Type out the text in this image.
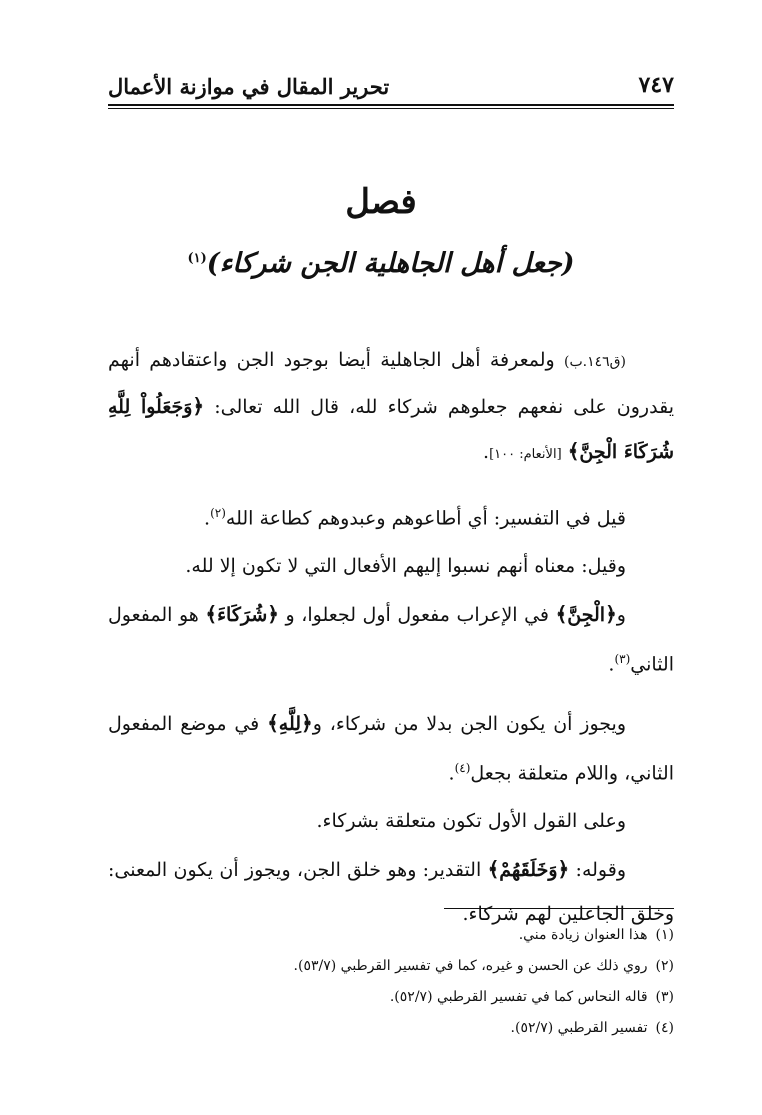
٧٤٧
تحرير المقال في موازنة الأعمال
فصل
(جعل أهل الجاهلية الجن شركاء)$^{(١)}$

(ق١٤٦.ب) ولمعرفة أهل الجاهلية أيضا بوجود الجن واعتقادهم أنهم يقدرون على نفعهم جعلوهم شركاء لله، قال الله تعالى: ﴿وَجَعَلُواْ لِلَّهِ شُرَكَاءَ الْجِنَّ﴾ [الأنعام: ١٠٠].

قيل في التفسير: أي أطاعوهم وعبدوهم كطاعة الله$^{(٢)}$.

وقيل: معناه أنهم نسبوا إليهم الأفعال التي لا تكون إلا لله.

و﴿الْجِنَّ﴾ في الإعراب مفعول أول لجعلوا، و ﴿شُرَكَاءَ﴾ هو المفعول الثاني$^{(٣)}$.

ويجوز أن يكون الجن بدلا من شركاء، و﴿لِلَّهِ﴾ في موضع المفعول الثاني، واللام متعلقة بجعل$^{(٤)}$.

وعلى القول الأول تكون متعلقة بشركاء.

وقوله: ﴿وَخَلَقَهُمْ﴾ التقدير: وهو خلق الجن، ويجوز أن يكون المعنى: وخلق الجاعلين لهم شركاء.

(١)هذا العنوان زيادة مني.

(٢)روي ذلك عن الحسن و غيره، كما في تفسير القرطبي (٥٣/٧).

(٣)قاله النحاس كما في تفسير القرطبي (٥٢/٧).

(٤)تفسير القرطبي (٥٢/٧).
